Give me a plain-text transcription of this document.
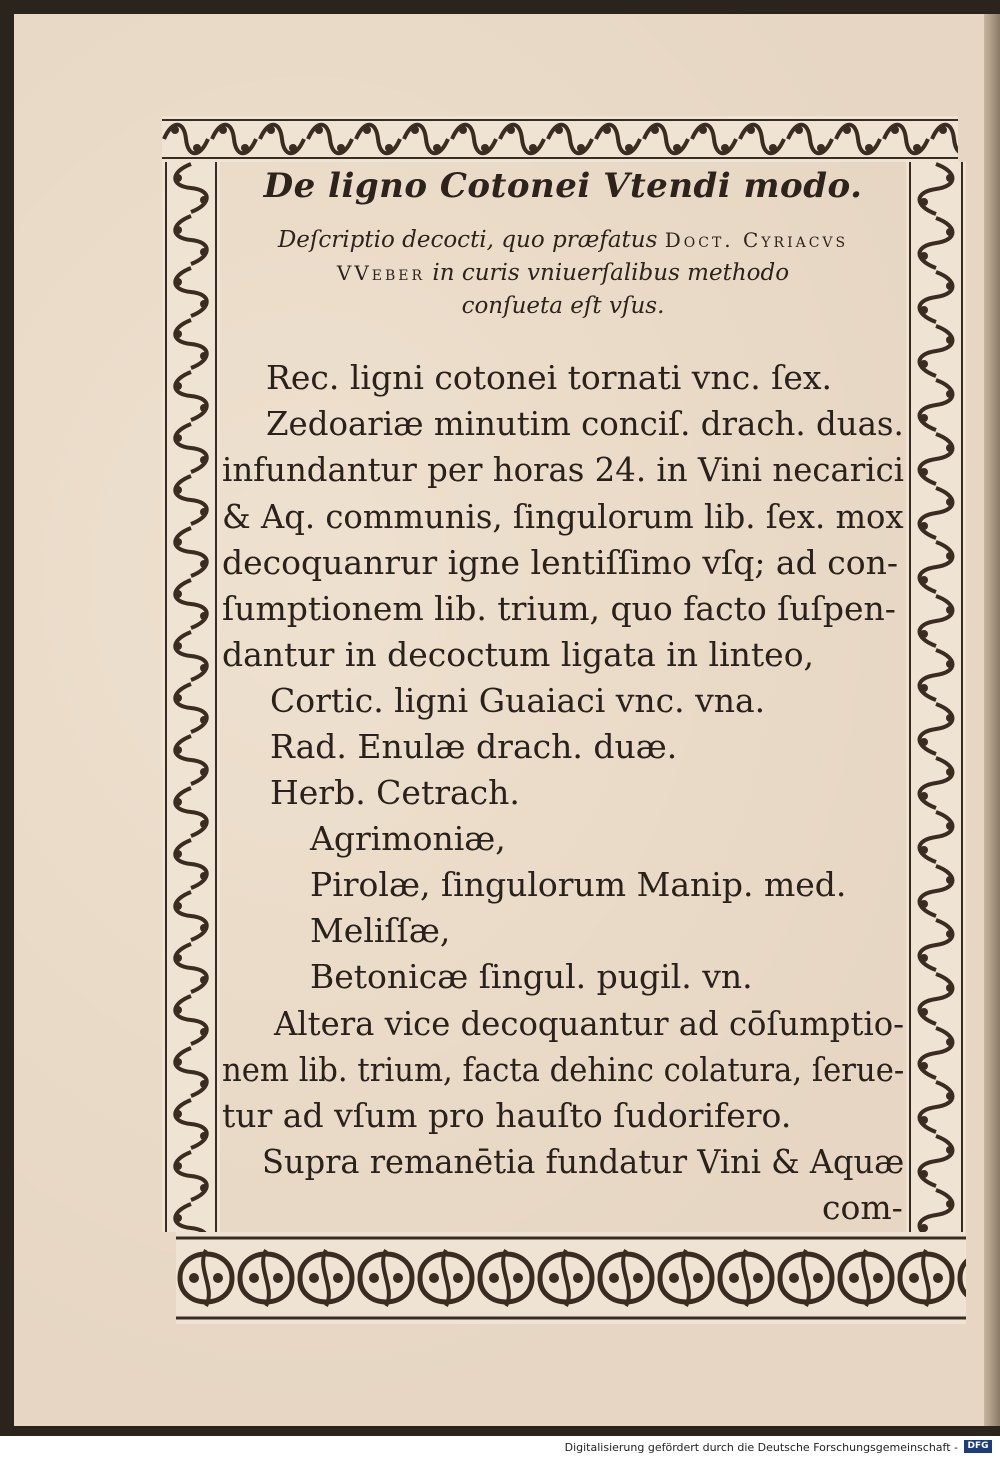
De ligno Cotonei Vtendi modo.
Deſcriptio decocti, quo præfatus Doct. Cyriacvs
VVeber in curis vniuerſalibus methodo
conſueta eſt vſus.
Rec. ligni cotonei tornati vnc. ſex.
Zedoariæ minutim conciſ. drach. duas.
infundantur per horas 24. in Vini necarici
& Aq. communis, ſingulorum lib. ſex. mox
decoquanrur igne lentiſſimo vſq; ad con-
ſumptionem lib. trium, quo facto ſuſpen-
dantur in decoctum ligata in linteo,
Cortic. ligni Guaiaci vnc. vna.
Rad. Enulæ drach. duæ.
Herb. Cetrach.
Agrimoniæ,
Pirolæ, ſingulorum Manip. med.
Meliſſæ,
Betonicæ ſingul. pugil. vn.
Altera vice decoquantur ad cōſumptio-
nem lib. trium, facta dehinc colatura, ſerue-
tur ad vſum pro hauſto ſudorifero.
Supra remanētia fundatur Vini & Aquæ
com-
Digitalisierung gefördert durch die Deutsche Forschungsgemeinschaft -	DFG
